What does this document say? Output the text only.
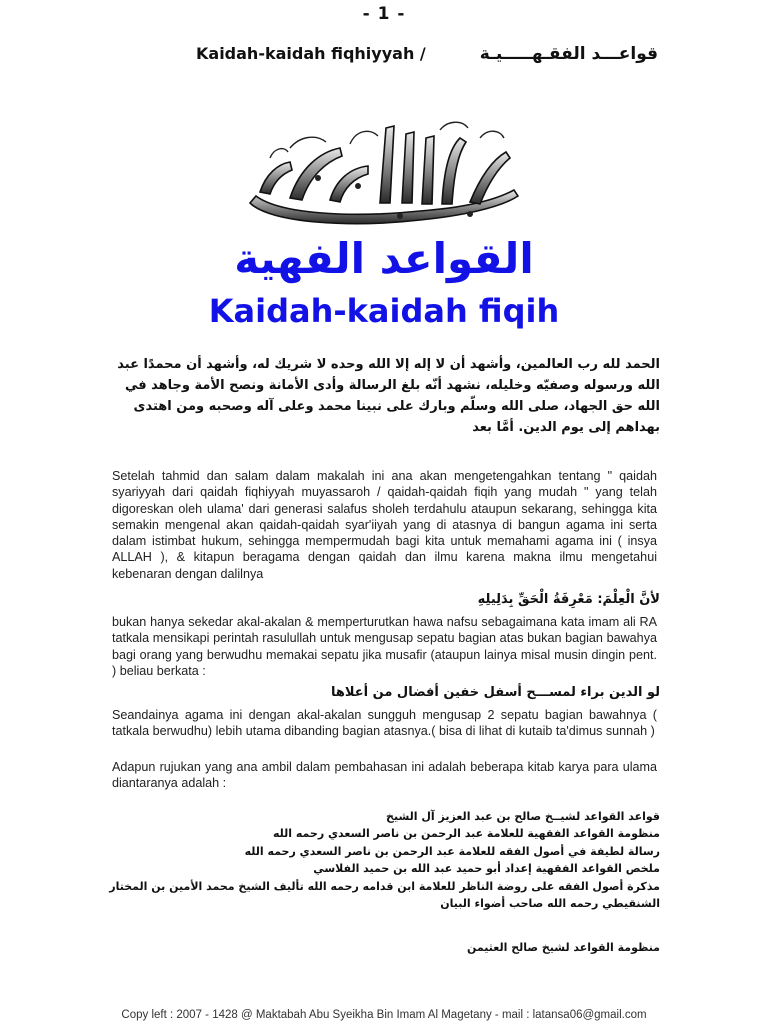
- 1 -
Kaidah-kaidah fiqhiyyah /	قواعـــد الفقـهـــــيـة
القواعد الفهية
Kaidah-kaidah fiqih
الحمد لله رب العالمين، وأشهد أن لا إله إلا الله وحده لا شريك له، وأشهد أن محمدًا عبد الله ورسوله وصفيّه وخليله، نشهد أنّه بلغ الرسالة وأدى الأمانة ونصح الأمة وجاهد في الله حق الجهاد، صلى الله وسلّم وبارك على نبينا محمد وعلى آله وصحبه ومن اهتدى بهداهم إلى يوم الدين. أمَّا بعد
Setelah tahmid dan salam dalam makalah ini ana akan mengetengahkan tentang " qaidah syariyyah dari qaidah fiqhiyyah muyassaroh / qaidah-qaidah fiqih yang mudah " yang telah digoreskan oleh ulama' dari generasi salafus sholeh terdahulu ataupun sekarang, sehingga kita semakin mengenal akan qaidah-qaidah syar'iiyah yang di atasnya di bangun agama ini serta dalam istimbat hukum, sehingga mempermudah bagi kita untuk memahami agama ini ( insya ALLAH ), & kitapun beragama dengan qaidah dan ilmu karena makna ilmu mengetahui kebenaran dengan dalilnya
لأنَّ الْعِلْمَ: مَعْرِفَةُ الْحَقِّ بِدَلِيلِهِ
bukan hanya sekedar akal-akalan & memperturutkan hawa nafsu sebagaimana kata imam ali RA tatkala mensikapi perintah rasulullah untuk mengusap sepatu bagian atas bukan bagian bawahya bagi orang yang berwudhu memakai sepatu jika musafir (ataupun lainya misal musin dingin pent. ) beliau berkata :
لو الدين براء لمســـح أسفل خفين أفضال من أعلاها
Seandainya agama ini dengan akal-akalan sungguh mengusap 2 sepatu bagian bawahnya ( tatkala berwudhu) lebih utama dibanding bagian atasnya.( bisa di lihat di kutaib ta'dimus sunnah )
Adapun rujukan yang ana ambil dalam pembahasan ini adalah beberapa kitab karya para ulama diantaranya adalah :
قواعد القواعد لشيــخ صالح بن عبد العزيز آل الشيخ
منظومة القواعد الفقهية للعلامة عبد الرحمن بن ناصر السعدي رحمه الله
رسالة لطيفة في أصول الفقه للعلامة عبد الرحمن بن ناصر السعدي رحمه الله
ملخص القواعد الفقهية إعداد أبو حميد عبد الله بن حميد الفلاسي
مذكرة أصول الفقه على روضة الناظر للعلامة ابن قدامه رحمه الله تأليف الشيخ محمد الأمين بن المختار
الشنقيطي رحمه الله صاحب أضواء البيان
منظومة القواعد لشيخ صالح العثيمن
Copy left : 2007 - 1428 @ Maktabah Abu Syeikha Bin Imam Al Magetany - mail : latansa06@gmail.com
